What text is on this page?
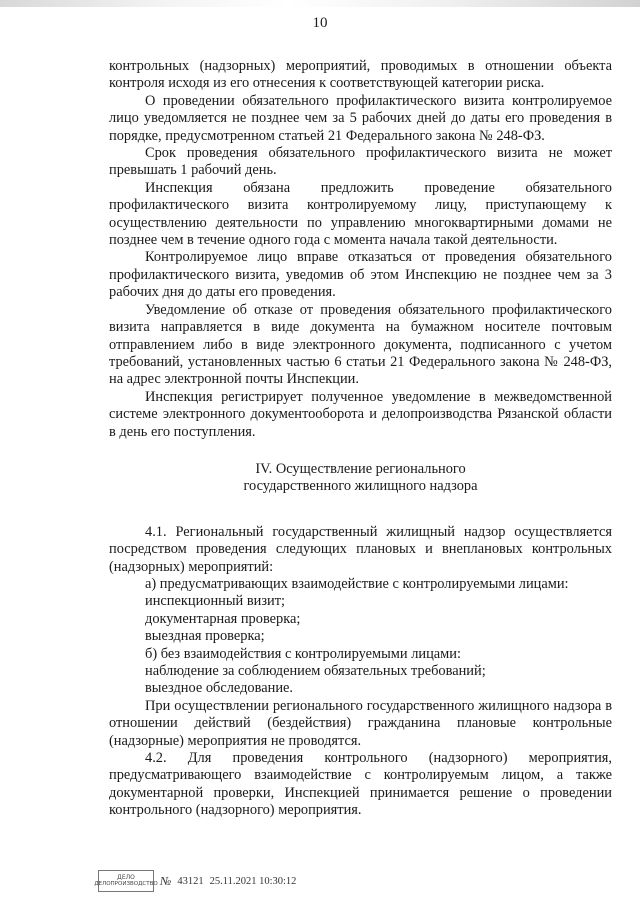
10

контрольных (надзорных) мероприятий, проводимых в отношении объекта контроля исходя из его отнесения к соответствующей категории риска.

О проведении обязательного профилактического визита контролируемое лицо уведомляется не позднее чем за 5 рабочих дней до даты его проведения в порядке, предусмотренном статьей 21 Федерального закона № 248-ФЗ.

Срок проведения обязательного профилактического визита не может превышать 1 рабочий день.

Инспекция обязана предложить проведение обязательного профилактического визита контролируемому лицу, приступающему к осуществлению деятельности по управлению многоквартирными домами не позднее чем в течение одного года с момента начала такой деятельности.

Контролируемое лицо вправе отказаться от проведения обязательного профилактического визита, уведомив об этом Инспекцию не позднее чем за 3 рабочих дня до даты его проведения.

Уведомление об отказе от проведения обязательного профилактического визита направляется в виде документа на бумажном носителе почтовым отправлением либо в виде электронного документа, подписанного с учетом требований, установленных частью 6 статьи 21 Федерального закона № 248-ФЗ, на адрес электронной почты Инспекции.

Инспекция регистрирует полученное уведомление в межведомственной системе электронного документооборота и делопроизводства Рязанской области в день его поступления.

IV. Осуществление регионального
государственного жилищного надзора

4.1. Региональный государственный жилищный надзор осуществляется посредством проведения следующих плановых и внеплановых контрольных (надзорных) мероприятий:

а) предусматривающих взаимодействие с контролируемыми лицами:

инспекционный визит;

документарная проверка;

выездная проверка;

б) без взаимодействия с контролируемыми лицами:

наблюдение за соблюдением обязательных требований;

выездное обследование.

При осуществлении регионального государственного жилищного надзора в отношении действий (бездействия) гражданина плановые контрольные (надзорные) мероприятия не проводятся.

4.2. Для проведения контрольного (надзорного) мероприятия, предусматривающего взаимодействие с контролируемым лицом, а также документарной проверки, Инспекцией принимается решение о проведении контрольного (надзорного) мероприятия.

ДЕЛО
ДЕЛОПРОИЗВОДСТВО № 43121 25.11.2021 10:30:12
